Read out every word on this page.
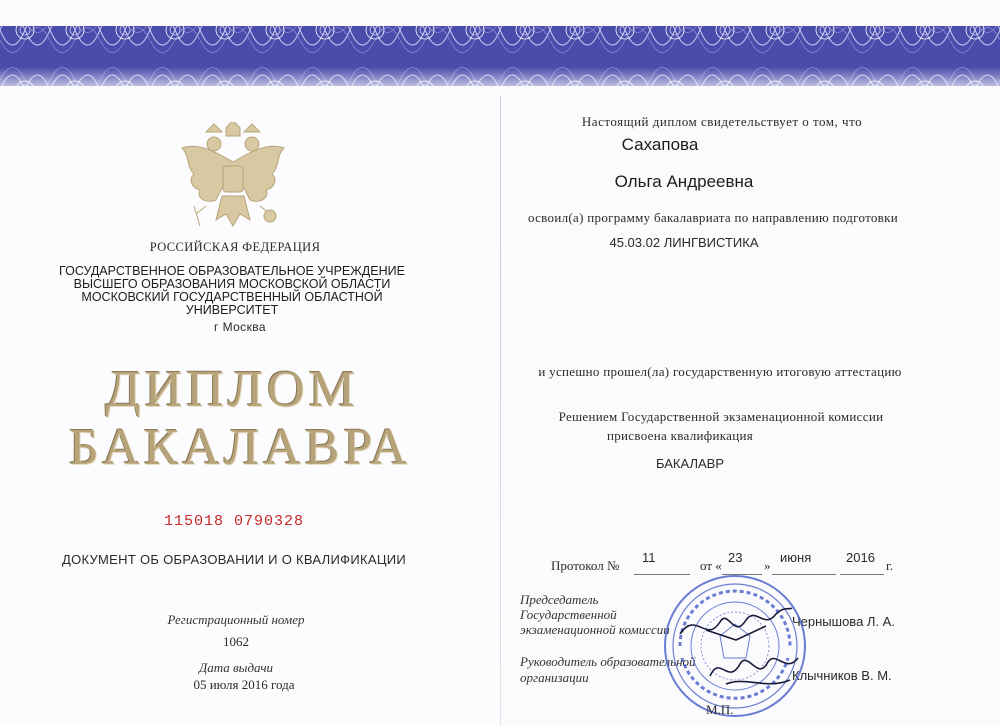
РОССИЙСКАЯ ФЕДЕРАЦИЯ

ГОСУДАРСТВЕННОЕ ОБРАЗОВАТЕЛЬНОЕ УЧРЕЖДЕНИЕ
ВЫСШЕГО ОБРАЗОВАНИЯ МОСКОВСКОЙ ОБЛАСТИ
МОСКОВСКИЙ ГОСУДАРСТВЕННЫЙ ОБЛАСТНОЙ
УНИВЕРСИТЕТ

г Москва

ДИПЛОМ

БАКАЛАВРА

115018 0790328

ДОКУМЕНТ ОБ ОБРАЗОВАНИИ И О КВАЛИФИКАЦИИ

Регистрационный номер

1062

Дата выдачи

05 июля 2016 года

Настоящий диплом свидетельствует о том, что

Сахапова

Ольга Андреевна

освоил(а) программу бакалавриата по направлению подготовки

45.03.02 ЛИНГВИСТИКА

и успешно прошел(ла) государственную итоговую аттестацию

Решением Государственной экзаменационной комиссии

присвоена квалификация

БАКАЛАВР

Протокол №

11

от «

23

»

июня	2016

г.

Председатель
Государственной
экзаменационной комиссии

Чернышова Л. А.

Руководитель образовательной
организации	Клычников В. М.

М.П.
